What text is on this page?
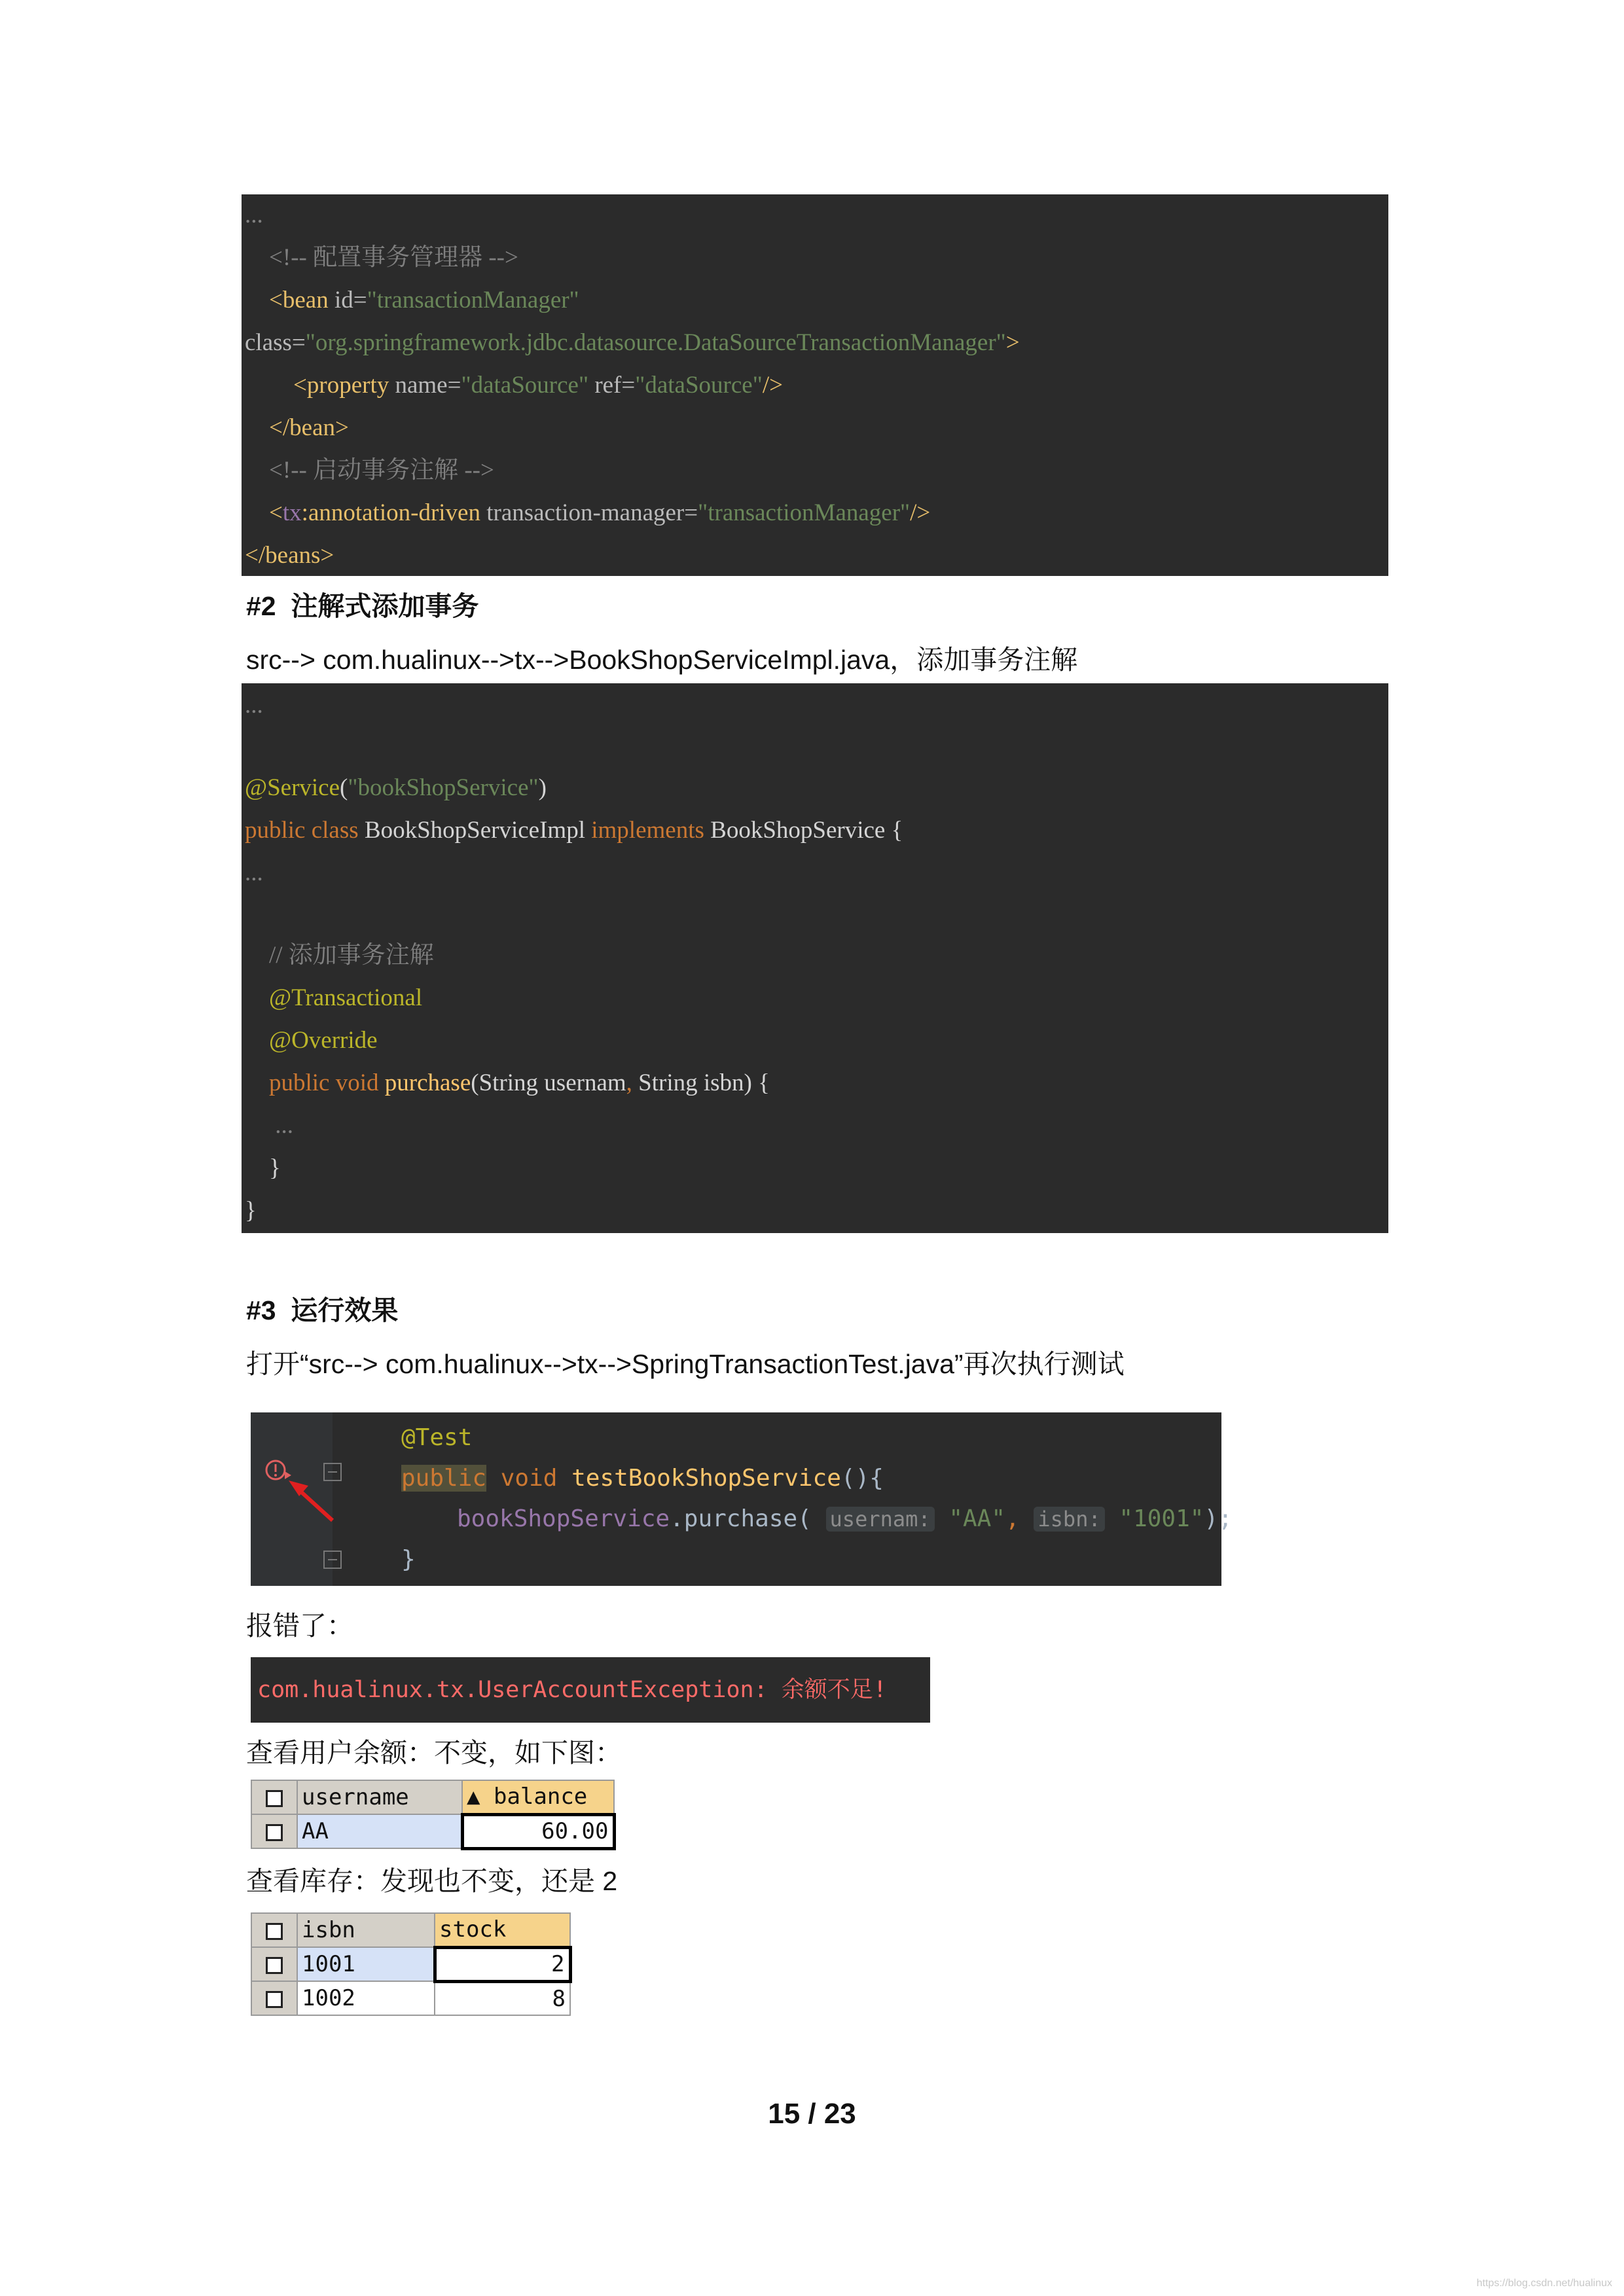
...
<!-- 配置事务管理器 -->
<bean id="transactionManager"
class="org.springframework.jdbc.datasource.DataSourceTransactionManager">
<property name="dataSource" ref="dataSource"/>
</bean>
<!-- 启动事务注解 -->
<tx:annotation-driven transaction-manager="transactionManager"/>
</beans>
#2  注解式添加事务
src--> com.hualinux-->tx-->BookShopServiceImpl.java，添加事务注解
...
@Service("bookShopService")
public class BookShopServiceImpl implements BookShopService {
...
// 添加事务注解
@Transactional
@Override
public void purchase(String usernam, String isbn) {
...
}
}
#3  运行效果
打开“src--> com.hualinux-->tx-->SpringTransactionTest.java”再次执行测试
@Test
public void testBookShopService(){
bookShopService.purchase( usernam: "AA", isbn: "1001");
}
报错了：
com.hualinux.tx.UserAccountException: 余额不足!
查看用户余额：不变，如下图：
	username	▲ balance
	AA	60.00
查看库存：发现也不变，还是 2
	isbn	stock
	1001	2
	1002	8
15 / 23
https://blog.csdn.net/hualinux
